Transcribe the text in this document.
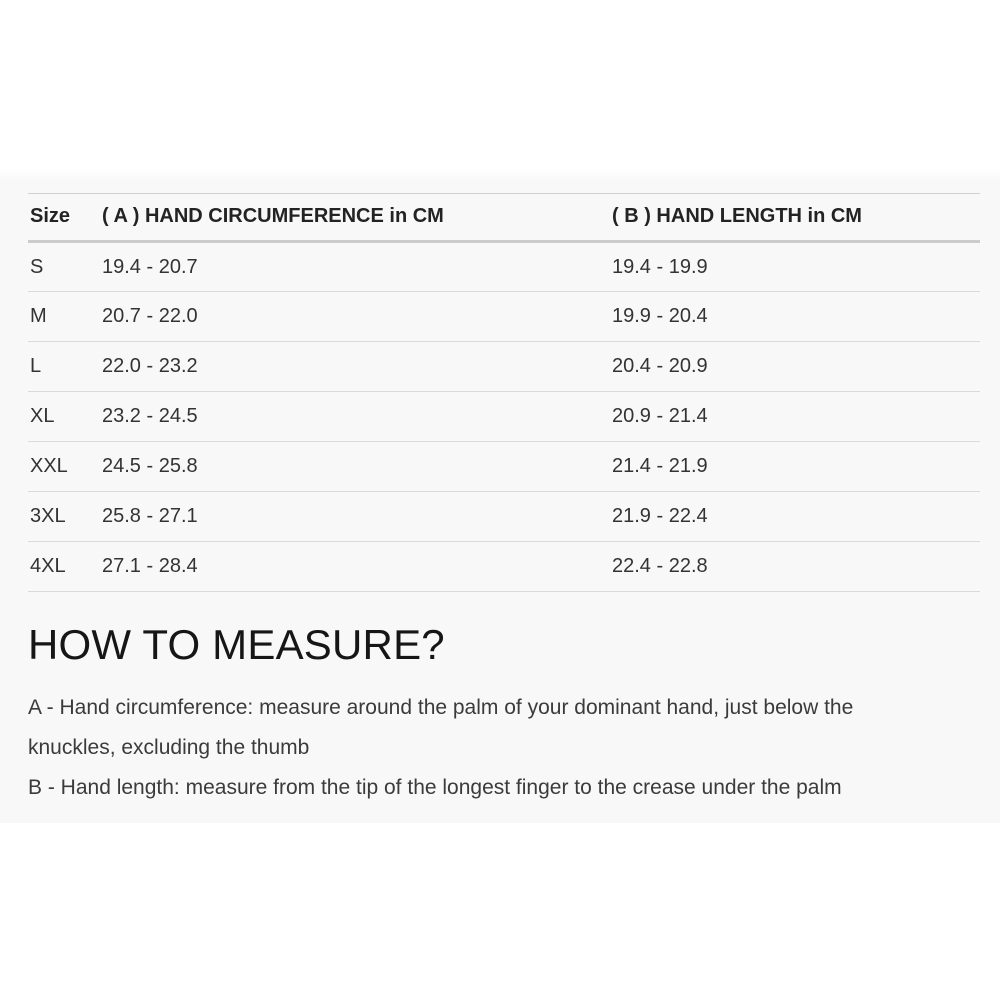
Size	( A ) HAND CIRCUMFERENCE in CM	( B ) HAND LENGTH in CM
S	19.4 - 20.7	19.4 - 19.9
M	20.7 - 22.0	19.9 - 20.4
L	22.0 - 23.2	20.4 - 20.9
XL	23.2 - 24.5	20.9 - 21.4
XXL	24.5 - 25.8	21.4 - 21.9
3XL	25.8 - 27.1	21.9 - 22.4
4XL	27.1 - 28.4	22.4 - 22.8
HOW TO MEASURE?
A - Hand circumference: measure around the palm of your dominant hand, just below the
knuckles, excluding the thumb
B - Hand length: measure from the tip of the longest finger to the crease under the palm
